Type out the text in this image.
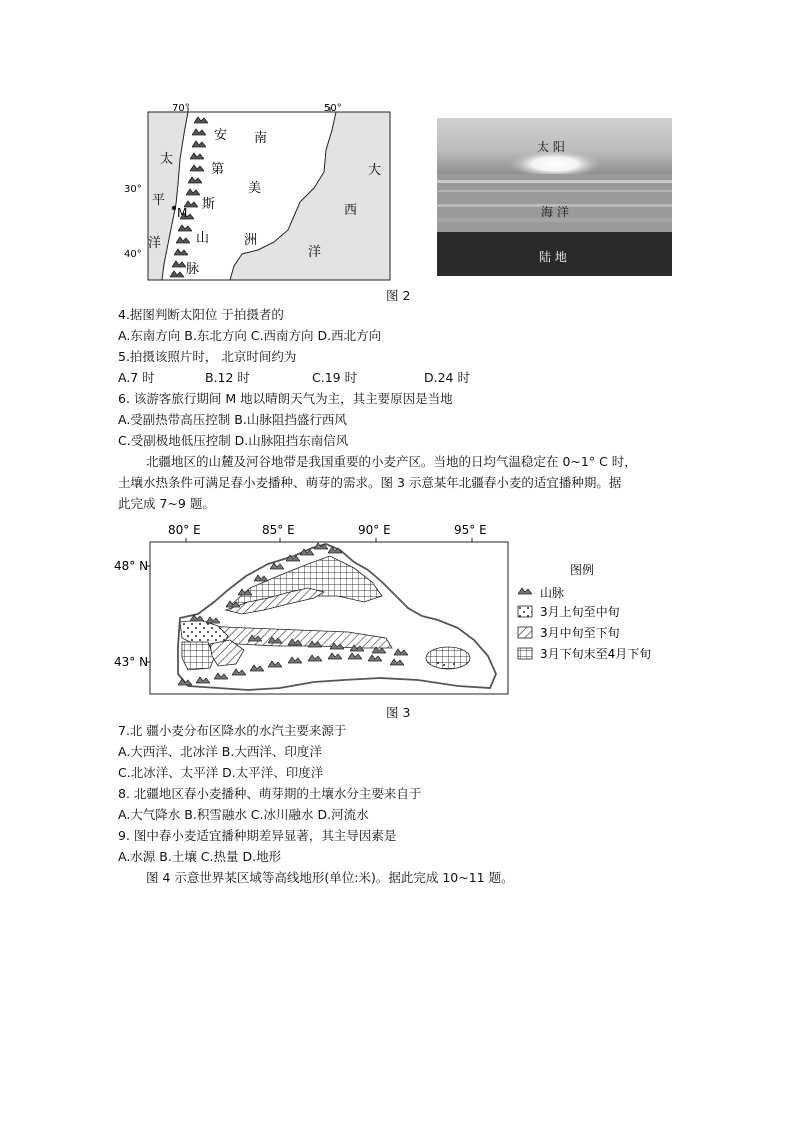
70°	50°
30°
40°
M
太
平
洋
安
第
斯
山
脉
南
美
洲
大
西
洋
太 阳
海 洋
陆 地
图 2
4.据图判断太阳位 于拍摄者的
A.东南方向 B.东北方向 C.西南方向 D.西北方向
5.拍摄该照片时， 北京时间约为
A.7 时	B.12 时	C.19 时	D.24 时
6. 该游客旅行期间 M 地以晴朗天气为主，其主要原因是当地
A.受副热带高压控制 B.山脉阻挡盛行西风
C.受副极地低压控制 D.山脉阻挡东南信风
北疆地区的山麓及河谷地带是我国重要的小麦产区。当地的日均气温稳定在 0~1° C 时，
土壤水热条件可满足春小麦播种、萌芽的需求。图 3 示意某年北疆春小麦的适宜播种期。据
此完成 7~9 题。
80° E	85° E	90° E	95° E
48° N
43° N
图例
山脉
3月上旬至中旬
3月中旬至下旬
3月下旬末至4月下旬
图 3
7.北 疆小麦分布区降水的水汽主要来源于
A.大西洋、北冰洋 B.大西洋、印度洋
C.北冰洋、太平洋 D.太平洋、印度洋
8. 北疆地区春小麦播种、萌芽期的土壤水分主要来自于
A.大气降水 B.积雪融水 C.冰川融水 D.河流水
9. 图中春小麦适宜播种期差异显著，其主导因素是
A.水源 B.土壤 C.热量 D.地形
图 4 示意世界某区域等高线地形(单位:米)。据此完成 10~11 题。
